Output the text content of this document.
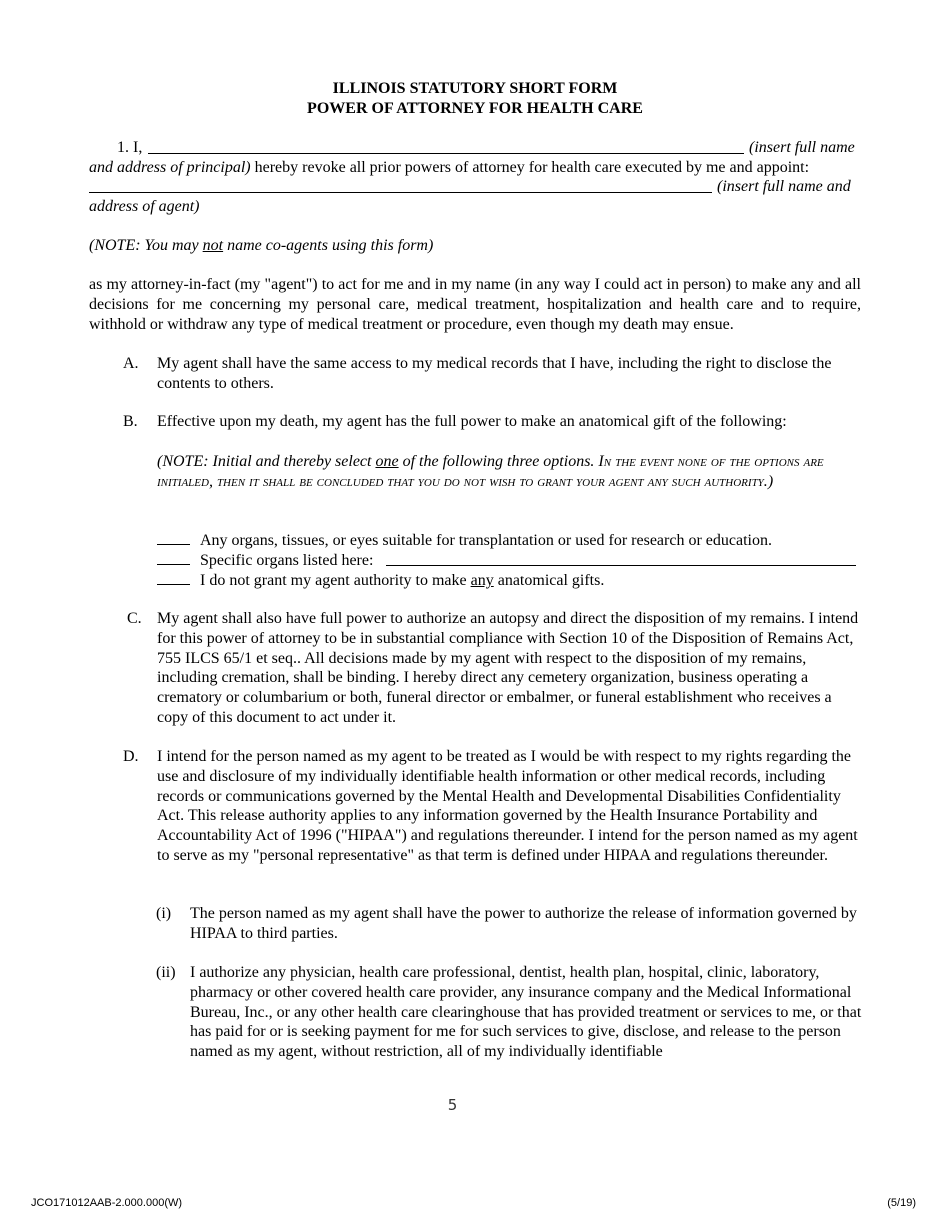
ILLINOIS STATUTORY SHORT FORM
POWER OF ATTORNEY FOR HEALTH CARE
1. I,	(insert full name
and address of principal) hereby revoke all prior powers of attorney for health care executed by me and appoint:
(insert full name and
address of agent)
(NOTE: You may not name co-agents using this form)
as my attorney-in-fact (my "agent") to act for me and in my name (in any way I could act in person) to make any and all decisions for me concerning my personal care, medical treatment, hospitalization and health care and to require, withhold or withdraw any type of medical treatment or procedure, even though my death may ensue.
A. My agent shall have the same access to my medical records that I have, including the right to disclose the contents to others.
B. Effective upon my death, my agent has the full power to make an anatomical gift of the following:
(NOTE: Initial and thereby select one of the following three options. In the event none of the options are initialed, then it shall be concluded that you do not wish to grant your agent any such authority.)
Any organs, tissues, or eyes suitable for transplantation or used for research or education.
Specific organs listed here:
I do not grant my agent authority to make any anatomical gifts.
C. My agent shall also have full power to authorize an autopsy and direct the disposition of my remains. I intend for this power of attorney to be in substantial compliance with Section 10 of the Disposition of Remains Act, 755 ILCS 65/1 et seq.. All decisions made by my agent with respect to the disposition of my remains, including cremation, shall be binding. I hereby direct any cemetery organization, business operating a crematory or columbarium or both, funeral director or embalmer, or funeral establishment who receives a copy of this document to act under it.
D. I intend for the person named as my agent to be treated as I would be with respect to my rights regarding the use and disclosure of my individually identifiable health information or other medical records, including records or communications governed by the Mental Health and Developmental Disabilities Confidentiality Act. This release authority applies to any information governed by the Health Insurance Portability and Accountability Act of 1996 ("HIPAA") and regulations thereunder. I intend for the person named as my agent to serve as my "personal representative" as that term is defined under HIPAA and regulations thereunder.
(i) The person named as my agent shall have the power to authorize the release of information governed by HIPAA to third parties.
(ii) I authorize any physician, health care professional, dentist, health plan, hospital, clinic, laboratory, pharmacy or other covered health care provider, any insurance company and the Medical Informational Bureau, Inc., or any other health care clearinghouse that has provided treatment or services to me, or that has paid for or is seeking payment for me for such services to give, disclose, and release to the person named as my agent, without restriction, all of my individually identifiable
5
JCO171012AAB-2.000.000(W)	(5/19)
